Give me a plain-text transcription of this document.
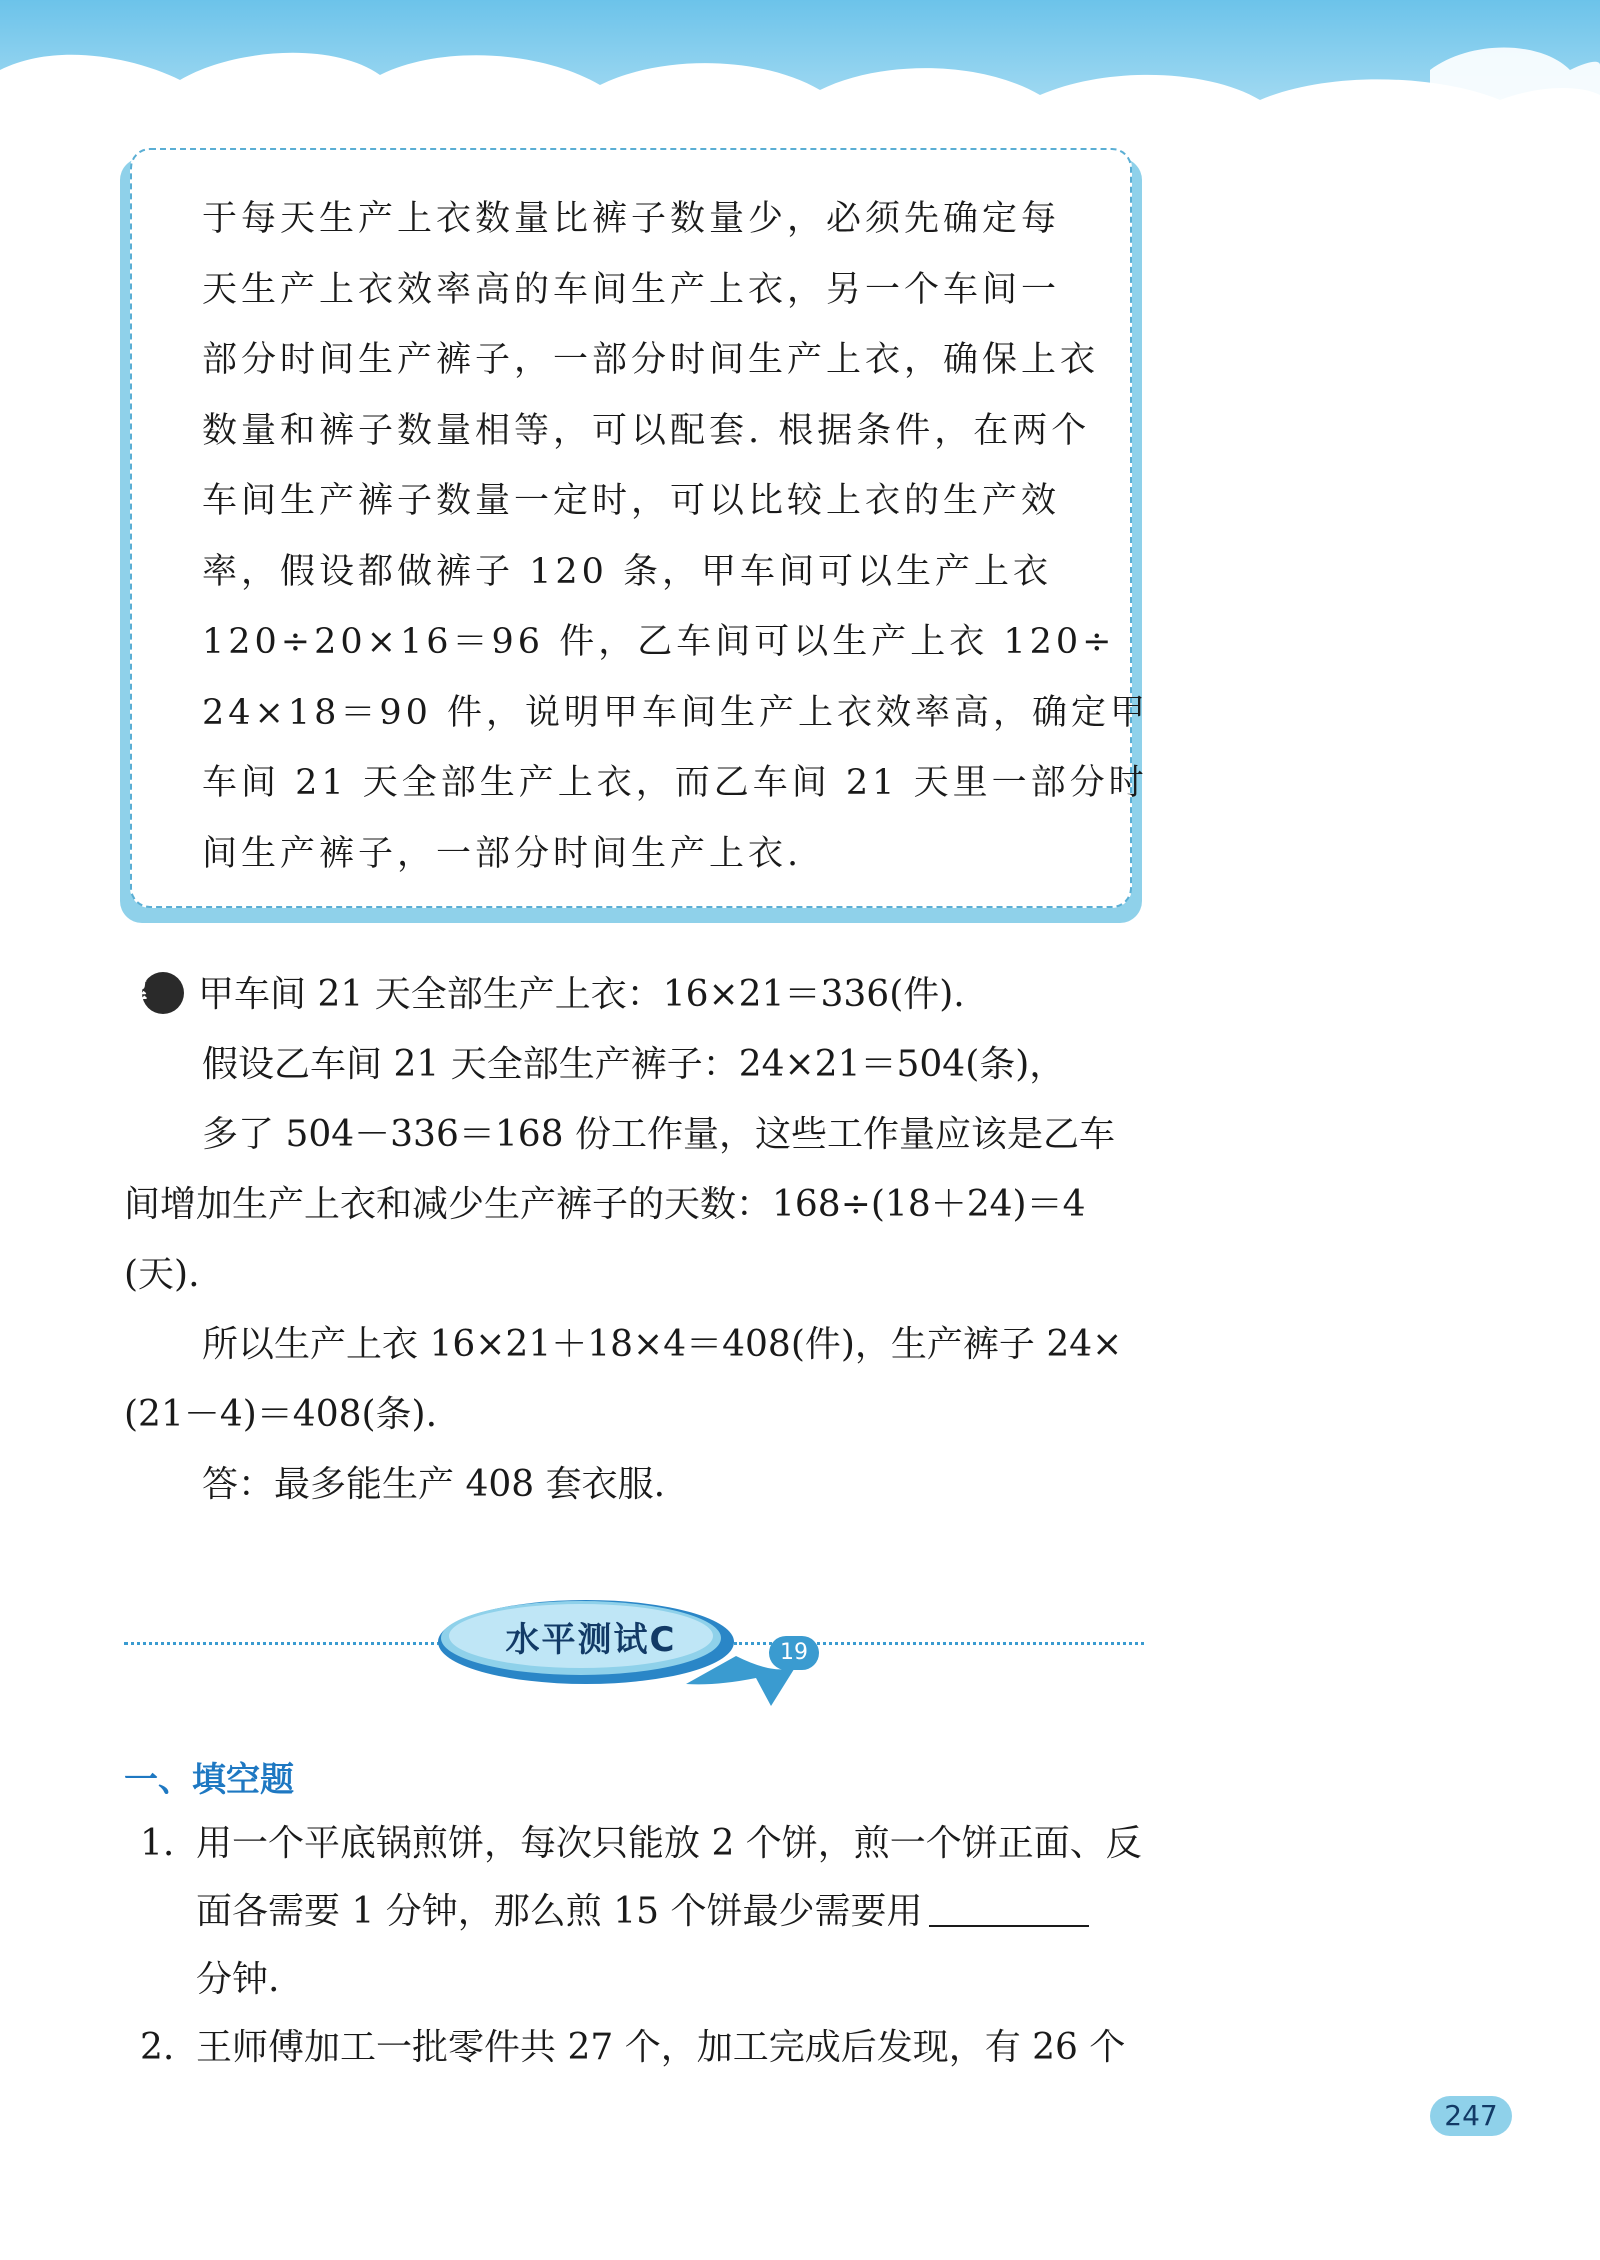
于每天生产上衣数量比裤子数量少，必须先确定每
天生产上衣效率高的车间生产上衣，另一个车间一
部分时间生产裤子，一部分时间生产上衣，确保上衣
数量和裤子数量相等，可以配套. 根据条件，在两个
车间生产裤子数量一定时，可以比较上衣的生产效
率，假设都做裤子 120 条，甲车间可以生产上衣
120÷20×16＝96 件，乙车间可以生产上衣 120÷
24×18＝90 件，说明甲车间生产上衣效率高，确定甲
车间 21 天全部生产上衣，而乙车间 21 天里一部分时
间生产裤子，一部分时间生产上衣.
解 甲车间 21 天全部生产上衣：16×21＝336(件).
假设乙车间 21 天全部生产裤子：24×21＝504(条)，
多了 504－336＝168 份工作量，这些工作量应该是乙车
间增加生产上衣和减少生产裤子的天数：168÷(18＋24)＝4
(天).
所以生产上衣 16×21＋18×4＝408(件)，生产裤子 24×
(21－4)＝408(条).
答：最多能生产 408 套衣服.
水平测试C	19
一、填空题
1. 用一个平底锅煎饼，每次只能放 2 个饼，煎一个饼正面、反
面各需要 1 分钟，那么煎 15 个饼最少需要用
分钟.
2. 王师傅加工一批零件共 27 个，加工完成后发现，有 26 个
247
